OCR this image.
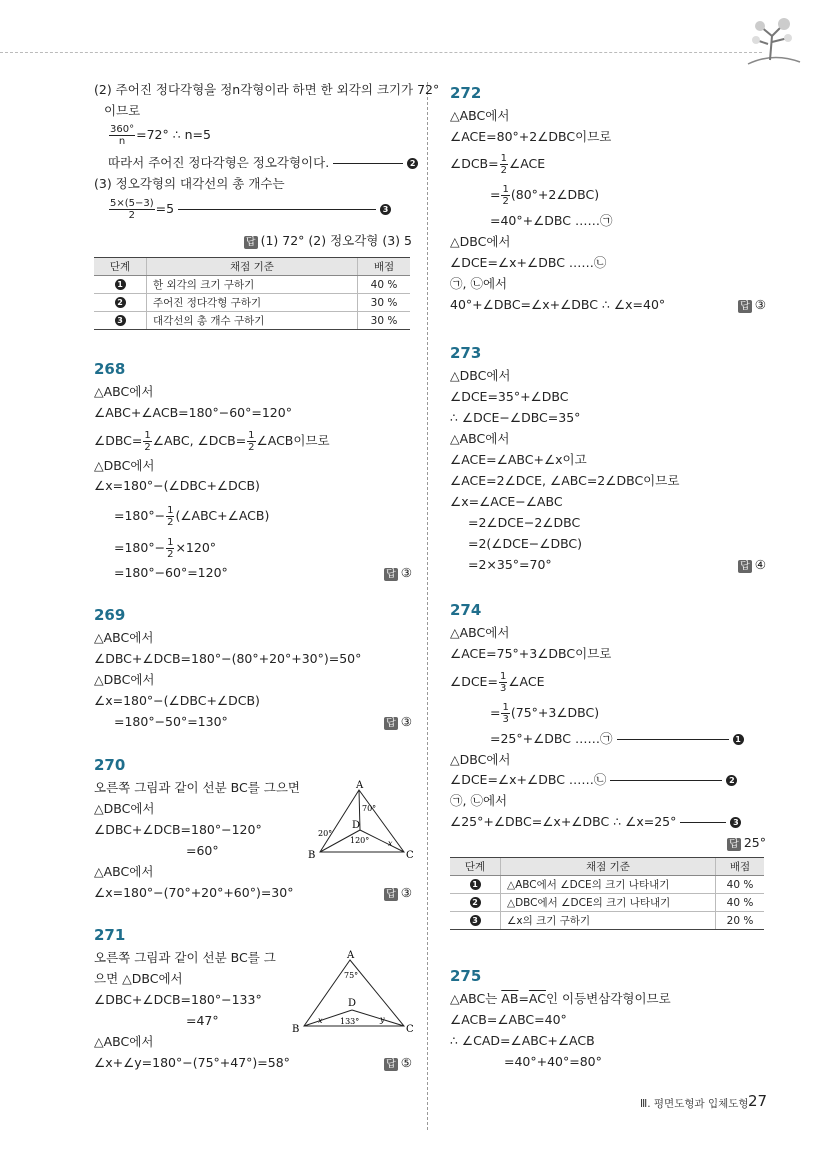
(2) 주어진 정다각형을 정n각형이라 하면 한 외각의 크기가 72°
이므로
$\frac{360^\circ}{n} =72^\circ$ ∴ n=5
따라서 주어진 정다각형은 정오각형이다.	2
(3) 정오각형의 대각선의 총 개수는
$\frac{5\times(5-3)}{2} =5$	3
답 (1) 72° (2) 정오각형 (3) 5
단계	채점 기준	배점
1	한 외각의 크기 구하기	40 %
2	주어진 정다각형 구하기	30 %
3	대각선의 총 개수 구하기	30 %
268
△ABC에서
∠ABC+∠ACB=180°−60°=120°
∠DBC= $\frac{1}{2}$ ∠ABC, ∠DCB= $\frac{1}{2}$ ∠ACB이므로
△DBC에서
∠x=180°−(∠DBC+∠DCB)
$=180^\circ- \frac{1}{2}$ (∠ABC+∠ACB)
$=180^\circ- \frac{1}{2} \times 120^\circ$
=180°−60°=120°	답 ③
269
△ABC에서
∠DBC+∠DCB=180°−(80°+20°+30°)=50°
△DBC에서
∠x=180°−(∠DBC+∠DCB)
=180°−50°=130°	답 ③
270
오른쪽 그림과 같이 선분 BC를 그으면
△DBC에서
∠DBC+∠DCB=180°−120°
=60°
△ABC에서
∠x=180°−(70°+20°+60°)=30°	답 ③
A
B	C
D
70°
20°
120° x
271
오른쪽 그림과 같이 선분 BC를 그
으면 △DBC에서
∠DBC+∠DCB=180°−133°
=47°
△ABC에서
∠x+∠y=180°−(75°+47°)=58°	답 ⑤
A
B	C
D
75°
133°
x	y
272
△ABC에서
∠ACE=80°+2∠DBC이므로
∠DCB= $\frac{1}{2}$ ∠ACE
= $\frac{1}{2}$ (80°+2∠DBC)
=40°+∠DBC ……㉠
△DBC에서
∠DCE=∠x+∠DBC ……㉡
㉠, ㉡에서
40°+∠DBC=∠x+∠DBC ∴ ∠x=40°	답 ③
273
△DBC에서
∠DCE=35°+∠DBC
∴ ∠DCE−∠DBC=35°
△ABC에서
∠ACE=∠ABC+∠x이고
∠ACE=2∠DCE, ∠ABC=2∠DBC이므로
∠x=∠ACE−∠ABC
=2∠DCE−2∠DBC
=2(∠DCE−∠DBC)
=2×35°=70°	답 ④
274
△ABC에서
∠ACE=75°+3∠DBC이므로
∠DCE= $\frac{1}{3}$ ∠ACE
= $\frac{1}{3}$ (75°+3∠DBC)
=25°+∠DBC ……㉠	1
△DBC에서
∠DCE=∠x+∠DBC ……㉡	2
㉠, ㉡에서
∠25°+∠DBC=∠x+∠DBC ∴ ∠x=25°	3
답 25°
단계	채점 기준	배점
1	△ABC에서 ∠DCE의 크기 나타내기	40 %
2	△DBC에서 ∠DCE의 크기 나타내기	40 %
3	∠x의 크기 구하기	20 %
275
△ABC는 $\overline{AB}=\overline{AC}$인 이등변삼각형이므로
∠ACB=∠ABC=40°
∴ ∠CAD=∠ABC+∠ACB
=40°+40°=80°
Ⅲ. 평면도형과 입체도형 27
